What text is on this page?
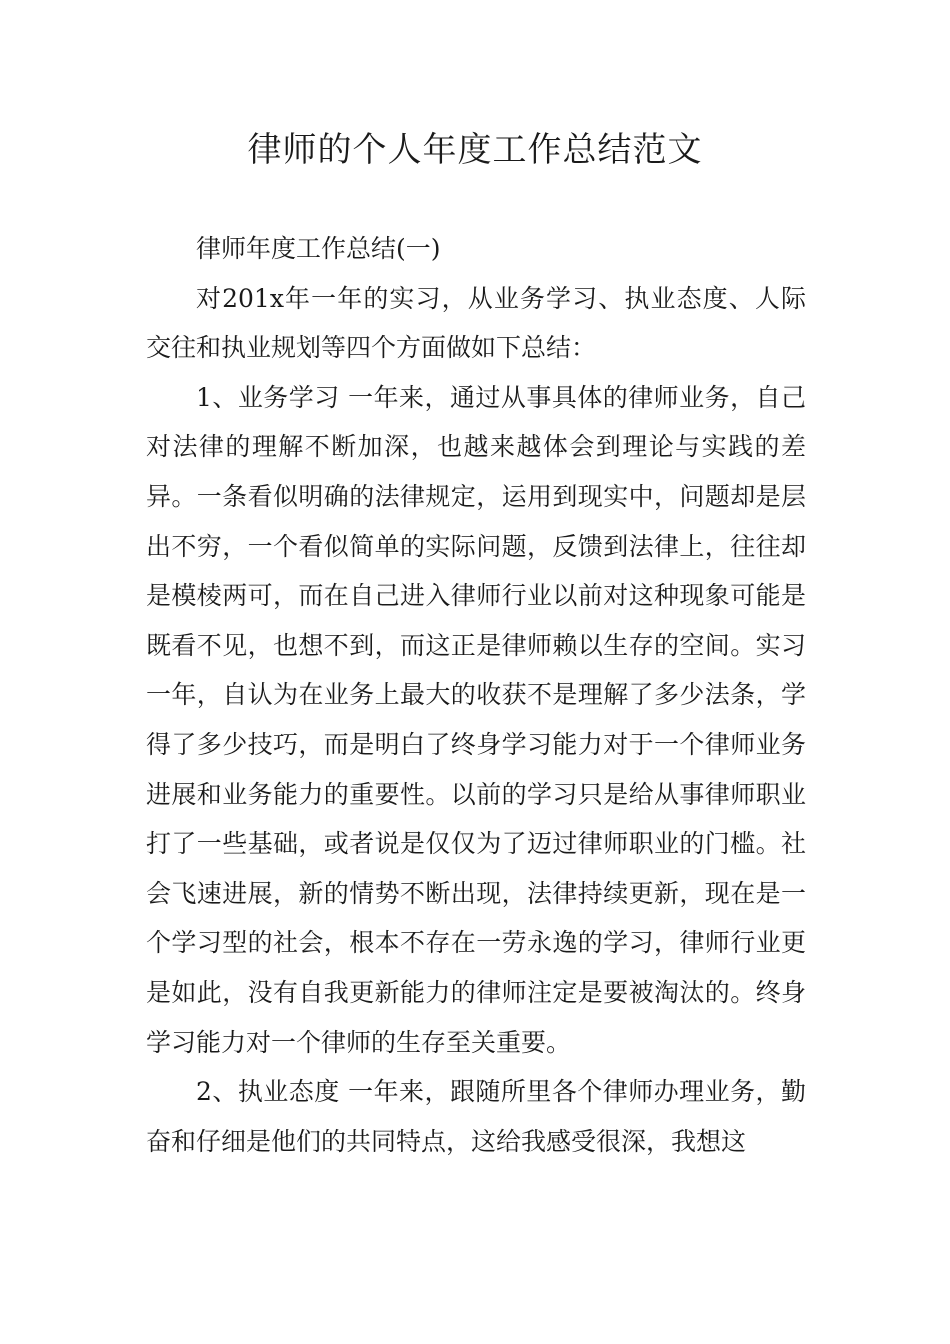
律师的个人年度工作总结范文

律师年度工作总结(一)

对201x年一年的实习，从业务学习、执业态度、人际交往和执业规划等四个方面做如下总结：

1、业务学习 一年来，通过从事具体的律师业务，自己对法律的理解不断加深，也越来越体会到理论与实践的差异。一条看似明确的法律规定，运用到现实中，问题却是层出不穷，一个看似简单的实际问题，反馈到法律上，往往却是模棱两可，而在自己进入律师行业以前对这种现象可能是既看不见，也想不到，而这正是律师赖以生存的空间。实习一年，自认为在业务上最大的收获不是理解了多少法条，学得了多少技巧，而是明白了终身学习能力对于一个律师业务进展和业务能力的重要性。以前的学习只是给从事律师职业打了一些基础，或者说是仅仅为了迈过律师职业的门槛。社会飞速进展，新的情势不断出现，法律持续更新，现在是一个学习型的社会，根本不存在一劳永逸的学习，律师行业更是如此，没有自我更新能力的律师注定是要被淘汰的。终身学习能力对一个律师的生存至关重要。

2、执业态度 一年来，跟随所里各个律师办理业务，勤奋和仔细是他们的共同特点，这给我感受很深，我想这
